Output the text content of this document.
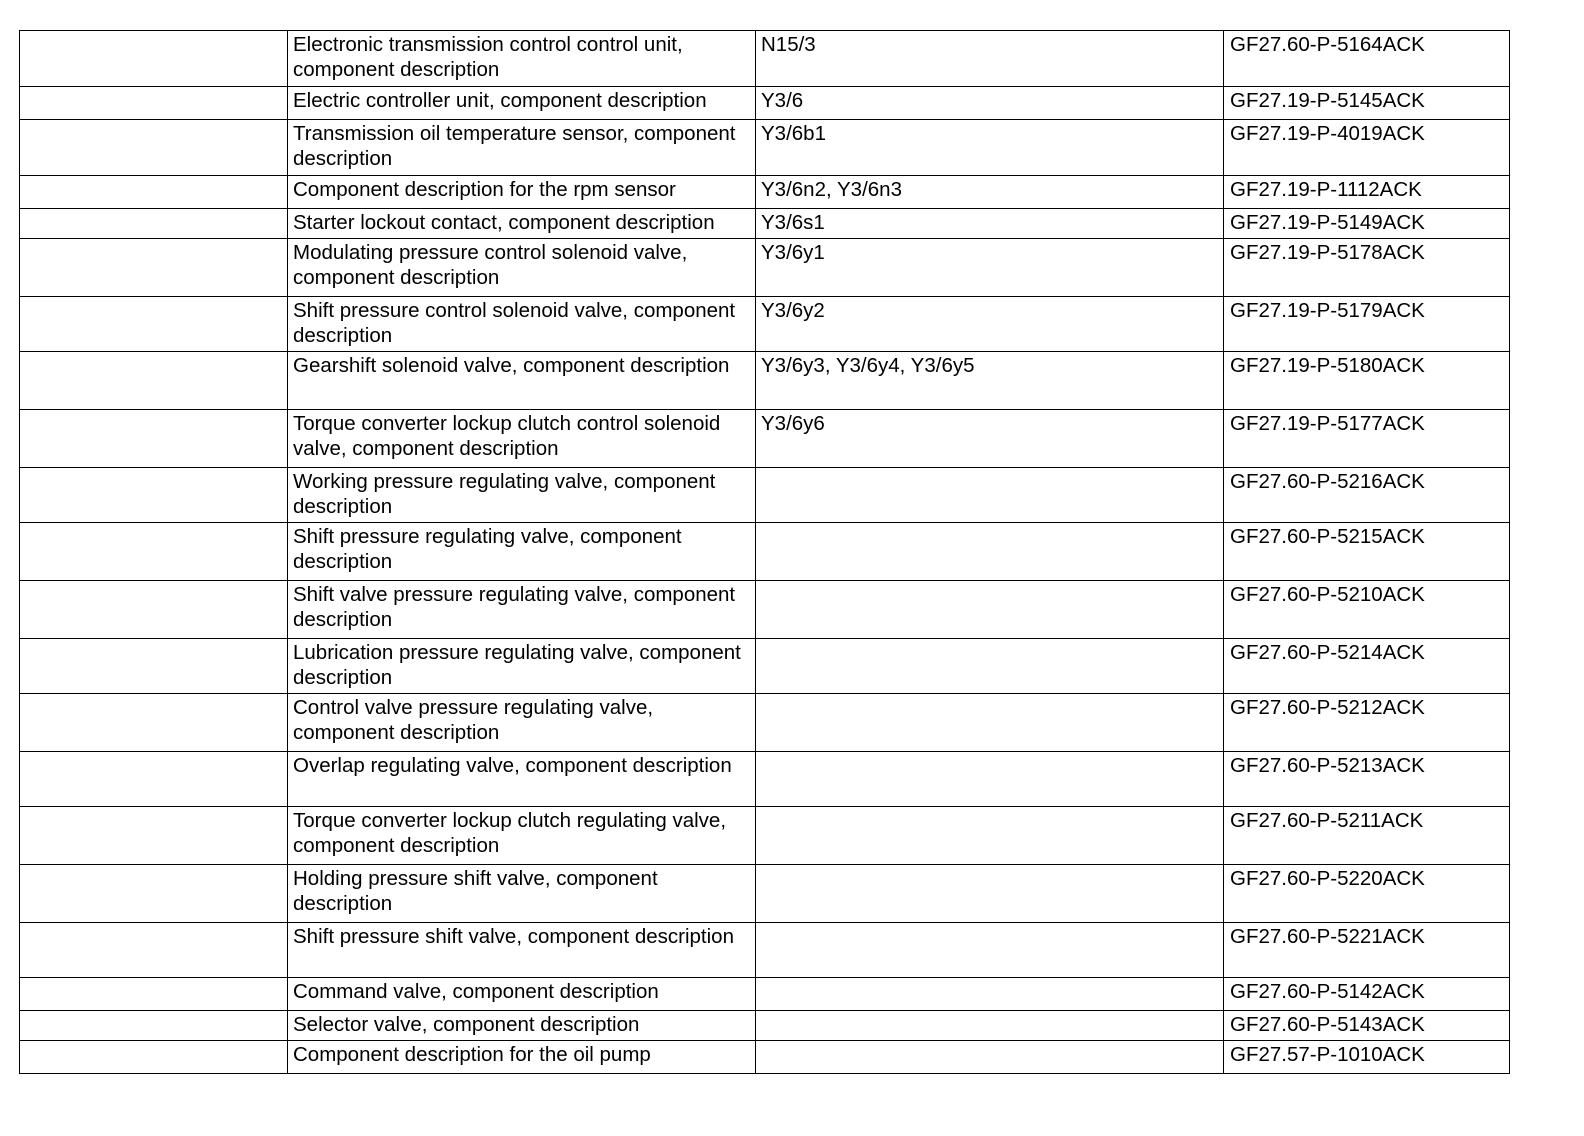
	Electronic transmission control control unit, component description	N15/3	GF27.60-P-5164ACK
	Electric controller unit, component description	Y3/6	GF27.19-P-5145ACK
	Transmission oil temperature sensor, component description	Y3/6b1	GF27.19-P-4019ACK
	Component description for the rpm sensor	Y3/6n2, Y3/6n3	GF27.19-P-1112ACK
	Starter lockout contact, component description	Y3/6s1	GF27.19-P-5149ACK
	Modulating pressure control solenoid valve, component description	Y3/6y1	GF27.19-P-5178ACK
	Shift pressure control solenoid valve, component description	Y3/6y2	GF27.19-P-5179ACK
	Gearshift solenoid valve, component description	Y3/6y3, Y3/6y4, Y3/6y5	GF27.19-P-5180ACK
	Torque converter lockup clutch control solenoid valve, component description	Y3/6y6	GF27.19-P-5177ACK
	Working pressure regulating valve, component description		GF27.60-P-5216ACK
	Shift pressure regulating valve, component description		GF27.60-P-5215ACK
	Shift valve pressure regulating valve, component description		GF27.60-P-5210ACK
	Lubrication pressure regulating valve, component description		GF27.60-P-5214ACK
	Control valve pressure regulating valve, component description		GF27.60-P-5212ACK
	Overlap regulating valve, component description		GF27.60-P-5213ACK
	Torque converter lockup clutch regulating valve, component description		GF27.60-P-5211ACK
	Holding pressure shift valve, component description		GF27.60-P-5220ACK
	Shift pressure shift valve, component description		GF27.60-P-5221ACK
	Command valve, component description		GF27.60-P-5142ACK
	Selector valve, component description		GF27.60-P-5143ACK
	Component description for the oil pump		GF27.57-P-1010ACK
